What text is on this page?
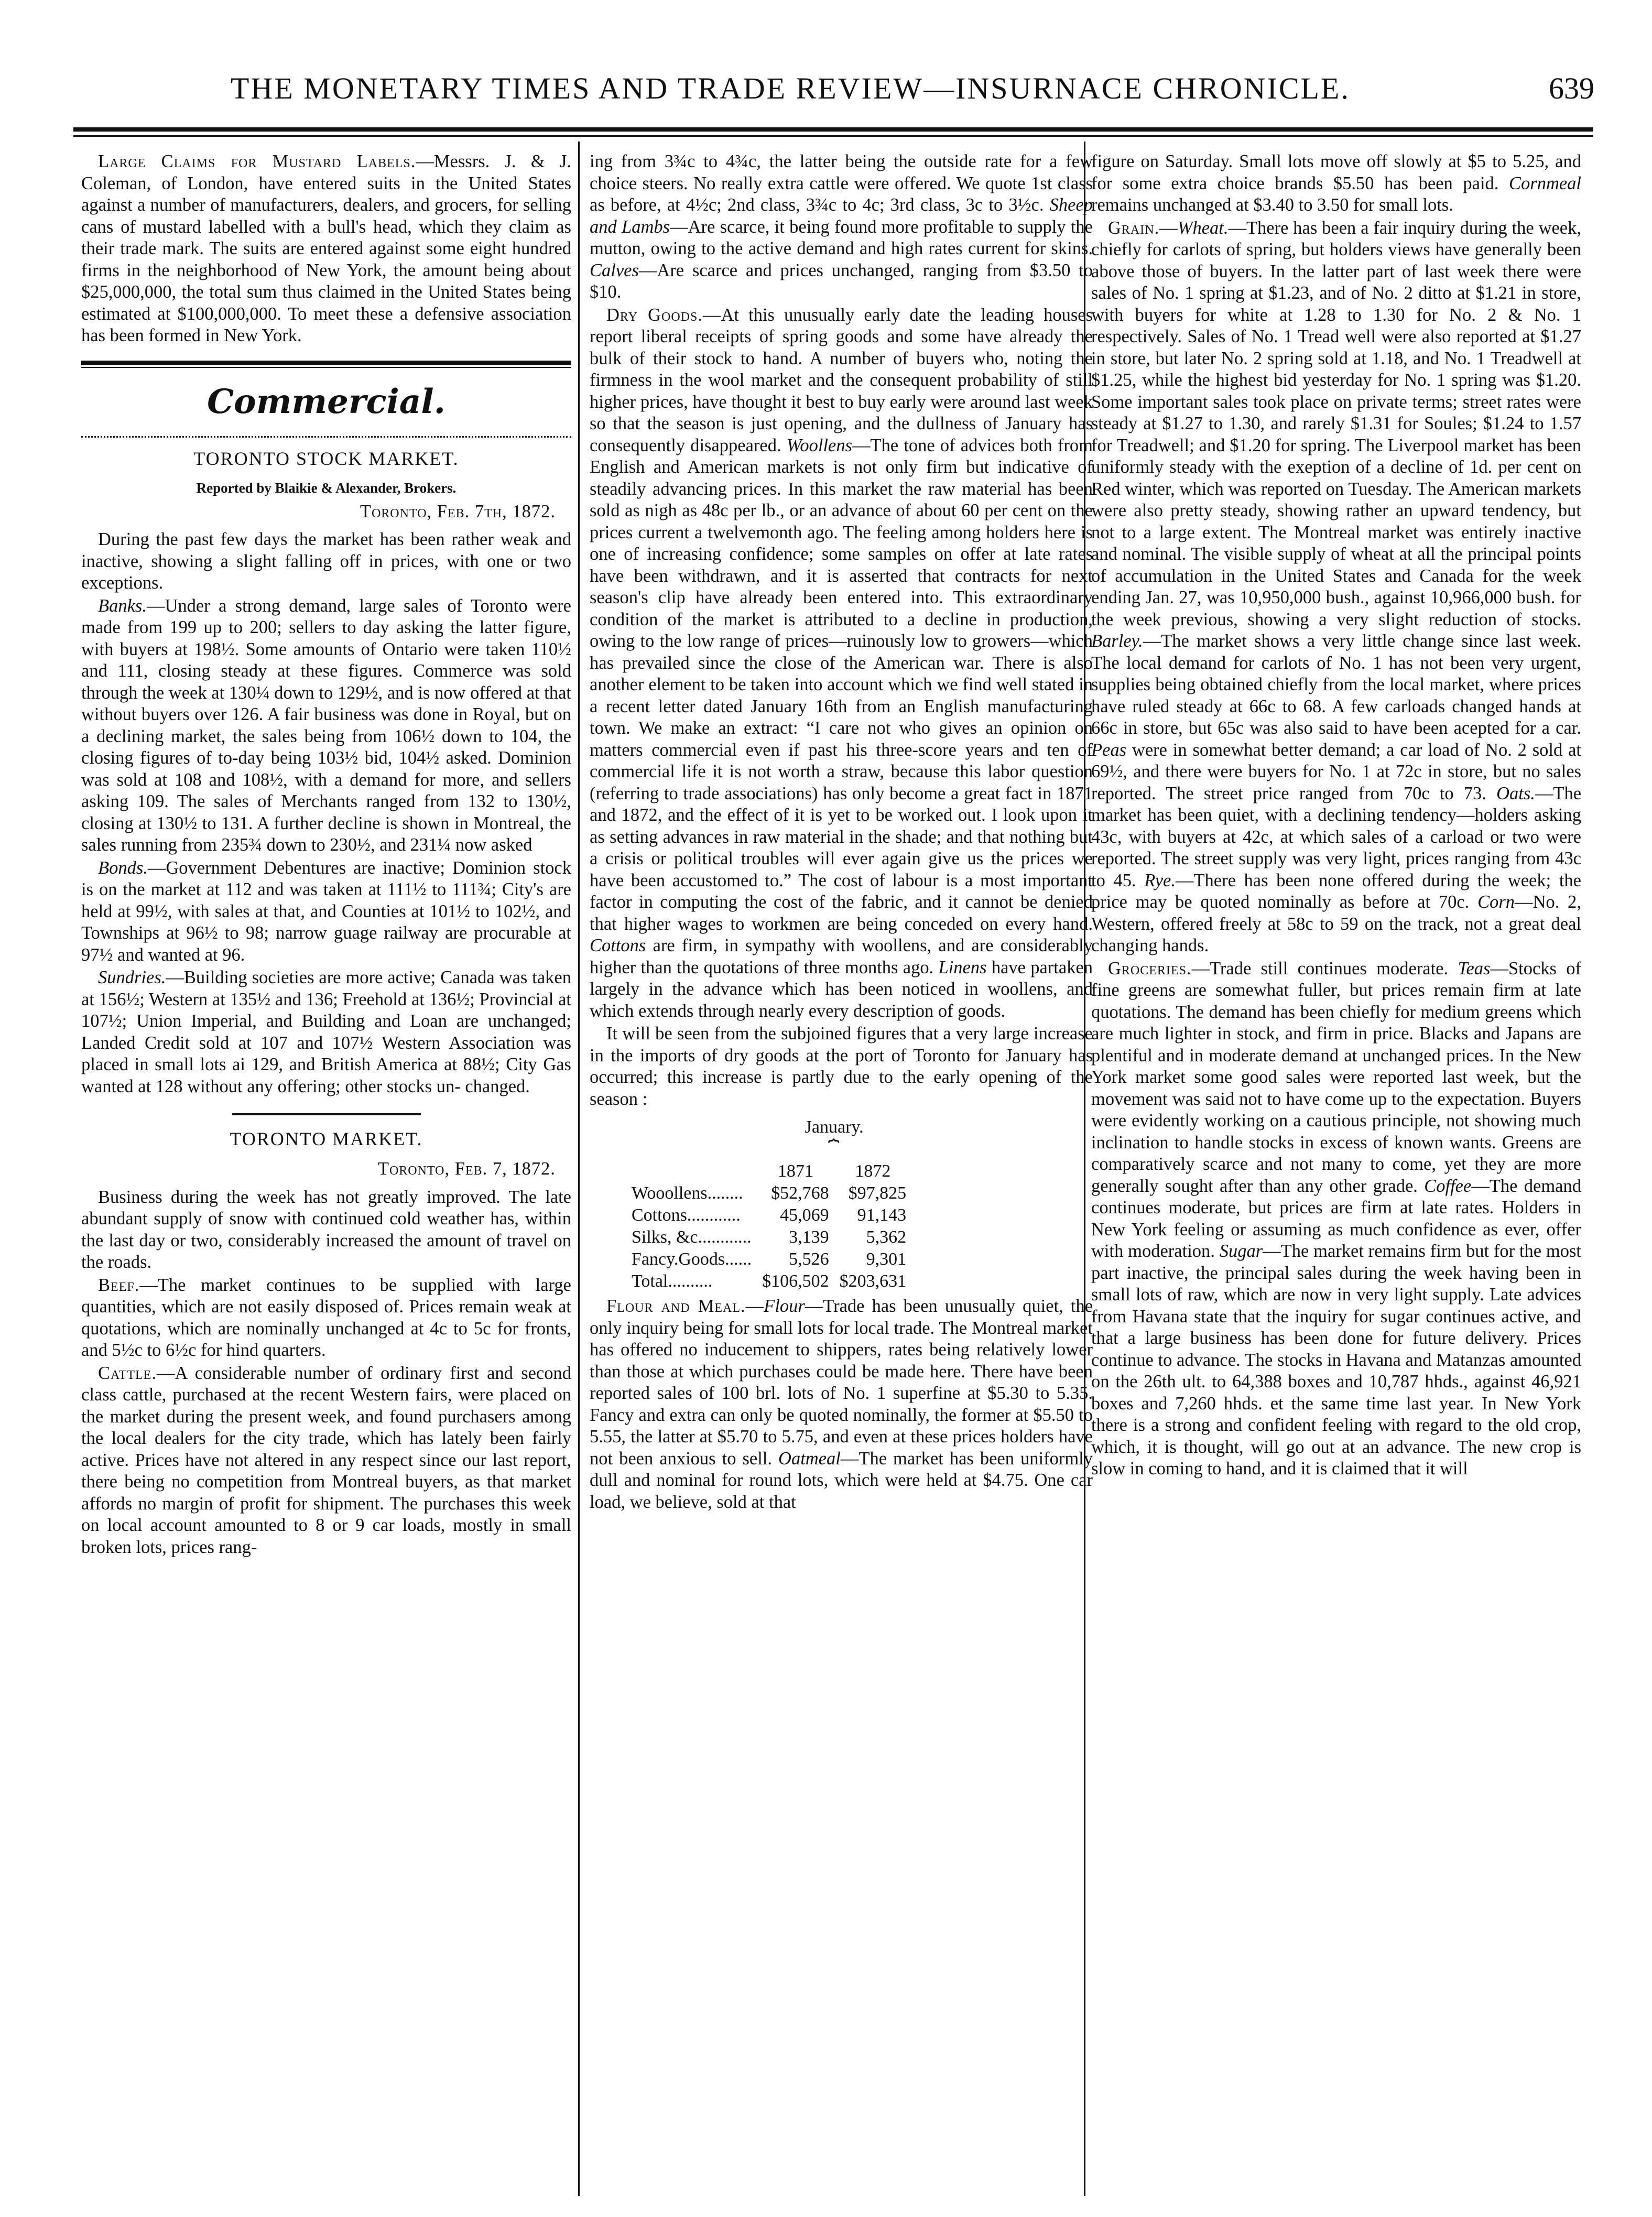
THE MONETARY TIMES AND TRADE REVIEW—INSURNACE CHRONICLE.	639

Large Claims for Mustard Labels.—Messrs. J. & J. Coleman, of London, have entered suits in the United States against a number of manufacturers, dealers, and grocers, for selling cans of mustard labelled with a bull's head, which they claim as their trade mark. The suits are entered against some eight hundred firms in the neighborhood of New York, the amount being about $25,000,000, the total sum thus claimed in the United States being estimated at $100,000,000. To meet these a defensive association has been formed in New York.

Commercial.
TORONTO STOCK MARKET.
Reported by Blaikie & Alexander, Brokers.
Toronto, Feb. 7th, 1872.

During the past few days the market has been rather weak and inactive, showing a slight falling off in prices, with one or two exceptions.

Banks.—Under a strong demand, large sales of Toronto were made from 199 up to 200; sellers to day asking the latter figure, with buyers at 198½. Some amounts of Ontario were taken 110½ and 111, closing steady at these figures. Commerce was sold through the week at 130¼ down to 129½, and is now offered at that without buyers over 126. A fair business was done in Royal, but on a declining market, the sales being from 106½ down to 104, the closing figures of to-day being 103½ bid, 104½ asked. Dominion was sold at 108 and 108½, with a demand for more, and sellers asking 109. The sales of Merchants ranged from 132 to 130½, closing at 130½ to 131. A further decline is shown in Montreal, the sales running from 235¾ down to 230½, and 231¼ now asked

Bonds.—Government Debentures are inactive; Dominion stock is on the market at 112 and was taken at 111½ to 111¾; City's are held at 99½, with sales at that, and Counties at 101½ to 102½, and Townships at 96½ to 98; narrow guage railway are procurable at 97½ and wanted at 96.

Sundries.—Building societies are more active; Canada was taken at 156½; Western at 135½ and 136; Freehold at 136½; Provincial at 107½; Union Imperial, and Building and Loan are unchanged; Landed Credit sold at 107 and 107½ Western Association was placed in small lots ai 129, and British America at 88½; City Gas wanted at 128 without any offering; other stocks un- changed.

TORONTO MARKET.
Toronto, Feb. 7, 1872.

Business during the week has not greatly improved. The late abundant supply of snow with continued cold weather has, within the last day or two, considerably increased the amount of travel on the roads.

Beef.—The market continues to be supplied with large quantities, which are not easily disposed of. Prices remain weak at quotations, which are nominally unchanged at 4c to 5c for fronts, and 5½c to 6½c for hind quarters.

Cattle.—A considerable number of ordinary first and second class cattle, purchased at the recent Western fairs, were placed on the market during the present week, and found purchasers among the local dealers for the city trade, which has lately been fairly active. Prices have not altered in any respect since our last report, there being no competition from Montreal buyers, as that market affords no margin of profit for shipment. The purchases this week on local account amounted to 8 or 9 car loads, mostly in small broken lots, prices rang-

ing from 3¾c to 4¾c, the latter being the outside rate for a few choice steers. No really extra cattle were offered. We quote 1st class as before, at 4½c; 2nd class, 3¾c to 4c; 3rd class, 3c to 3½c. Sheep and Lambs—Are scarce, it being found more profitable to supply the mutton, owing to the active demand and high rates current for skins. Calves—Are scarce and prices unchanged, ranging from $3.50 to $10.

Dry Goods.—At this unusually early date the leading houses report liberal receipts of spring goods and some have already the bulk of their stock to hand. A number of buyers who, noting the firmness in the wool market and the consequent probability of still higher prices, have thought it best to buy early were around last week so that the season is just opening, and the dullness of January has consequently disappeared. Woollens—The tone of advices both from English and American markets is not only firm but indicative of steadily advancing prices. In this market the raw material has been sold as nigh as 48c per lb., or an advance of about 60 per cent on the prices current a twelvemonth ago. The feeling among holders here is one of increasing confidence; some samples on offer at late rates have been withdrawn, and it is asserted that contracts for next season's clip have already been entered into. This extraordinary condition of the market is attributed to a decline in production, owing to the low range of prices—ruinously low to growers—which has prevailed since the close of the American war. There is also another element to be taken into account which we find well stated in a recent letter dated January 16th from an English manufacturing town. We make an extract: “I care not who gives an opinion on matters commercial even if past his three-score years and ten of commercial life it is not worth a straw, because this labor question (referring to trade associations) has only become a great fact in 1871 and 1872, and the effect of it is yet to be worked out. I look upon it as setting advances in raw material in the shade; and that nothing but a crisis or political troubles will ever again give us the prices we have been accustomed to.” The cost of labour is a most important factor in computing the cost of the fabric, and it cannot be denied that higher wages to workmen are being conceded on every hand. Cottons are firm, in sympathy with woollens, and are considerably higher than the quotations of three months ago. Linens have partaken largely in the advance which has been noticed in woollens, and which extends through nearly every description of goods.

It will be seen from the subjoined figures that a very large increase in the imports of dry goods at the port of Toronto for January has occurred; this increase is partly due to the early opening of the season :

	January.	
	⏞	
	1871	1872
Wooollens........	$52,768	$97,825
Cottons............	45,069	91,143
Silks, &c............	3,139	5,362
Fancy.Goods......	5,526	9,301
Total..........	$106,502	$203,631

Flour and Meal.—Flour—Trade has been unusually quiet, the only inquiry being for small lots for local trade. The Montreal market has offered no inducement to shippers, rates being relatively lower than those at which purchases could be made here. There have been reported sales of 100 brl. lots of No. 1 superfine at $5.30 to 5.35. Fancy and extra can only be quoted nominally, the former at $5.50 to 5.55, the latter at $5.70 to 5.75, and even at these prices holders have not been anxious to sell. Oatmeal—The market has been uniformly dull and nominal for round lots, which were held at $4.75. One car load, we believe, sold at that

figure on Saturday. Small lots move off slowly at $5 to 5.25, and for some extra choice brands $5.50 has been paid. Cornmeal remains unchanged at $3.40 to 3.50 for small lots.

Grain.—Wheat.—There has been a fair inquiry during the week, chiefly for carlots of spring, but holders views have generally been above those of buyers. In the latter part of last week there were sales of No. 1 spring at $1.23, and of No. 2 ditto at $1.21 in store, with buyers for white at 1.28 to 1.30 for No. 2 & No. 1 respectively. Sales of No. 1 Tread well were also reported at $1.27 in store, but later No. 2 spring sold at 1.18, and No. 1 Treadwell at $1.25, while the highest bid yesterday for No. 1 spring was $1.20. Some important sales took place on private terms; street rates were steady at $1.27 to 1.30, and rarely $1.31 for Soules; $1.24 to 1.57 for Treadwell; and $1.20 for spring. The Liverpool market has been uniformly steady with the exeption of a decline of 1d. per cent on Red winter, which was reported on Tuesday. The American markets were also pretty steady, showing rather an upward tendency, but not to a large extent. The Montreal market was entirely inactive and nominal. The visible supply of wheat at all the principal points of accumulation in the United States and Canada for the week ending Jan. 27, was 10,950,000 bush., against 10,966,000 bush. for the week previous, showing a very slight reduction of stocks. Barley.—The market shows a very little change since last week. The local demand for carlots of No. 1 has not been very urgent, supplies being obtained chiefly from the local market, where prices have ruled steady at 66c to 68. A few carloads changed hands at 66c in store, but 65c was also said to have been acepted for a car. Peas were in somewhat better demand; a car load of No. 2 sold at 69½, and there were buyers for No. 1 at 72c in store, but no sales reported. The street price ranged from 70c to 73. Oats.—The market has been quiet, with a declining tendency—holders asking 43c, with buyers at 42c, at which sales of a carload or two were reported. The street supply was very light, prices ranging from 43c to 45. Rye.—There has been none offered during the week; the price may be quoted nominally as before at 70c. Corn—No. 2, Western, offered freely at 58c to 59 on the track, not a great deal changing hands.

Groceries.—Trade still continues moderate. Teas—Stocks of fine greens are somewhat fuller, but prices remain firm at late quotations. The demand has been chiefly for medium greens which are much lighter in stock, and firm in price. Blacks and Japans are plentiful and in moderate demand at unchanged prices. In the New York market some good sales were reported last week, but the movement was said not to have come up to the expectation. Buyers were evidently working on a cautious principle, not showing much inclination to handle stocks in excess of known wants. Greens are comparatively scarce and not many to come, yet they are more generally sought after than any other grade. Coffee—The demand continues moderate, but prices are firm at late rates. Holders in New York feeling or assuming as much confidence as ever, offer with moderation. Sugar—The market remains firm but for the most part inactive, the principal sales during the week having been in small lots of raw, which are now in very light supply. Late advices from Havana state that the inquiry for sugar continues active, and that a large business has been done for future delivery. Prices continue to advance. The stocks in Havana and Matanzas amounted on the 26th ult. to 64,388 boxes and 10,787 hhds., against 46,921 boxes and 7,260 hhds. et the same time last year. In New York there is a strong and confident feeling with regard to the old crop, which, it is thought, will go out at an advance. The new crop is slow in coming to hand, and it is claimed that it will
